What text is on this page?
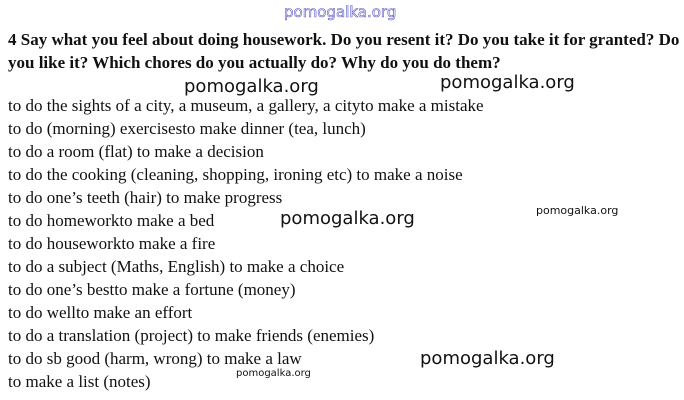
pomogalka.org

4 Say what you feel about doing housework. Do you resent it? Do you take it for granted? Do you like it? Which chores do you actually do? Why do you do them?

to do the sights of a city, a museum, a gallery, a cityto make a mistake
to do (morning) exercisesto make dinner (tea, lunch)
to do a room (flat) to make a decision
to do the cooking (cleaning, shopping, ironing etc) to make a noise
to do one’s teeth (hair) to make progress
to do homeworkto make a bed
to do houseworkto make a fire
to do a subject (Maths, English) to make a choice
to do one’s bestto make a fortune (money)
to do wellto make an effort
to do a translation (project) to make friends (enemies)
to do sb good (harm, wrong) to make a law
to make a list (notes)
pomogalka.org	pomogalka.org
pomogalka.org	pomogalka.org
pomogalka.org
pomogalka.org
